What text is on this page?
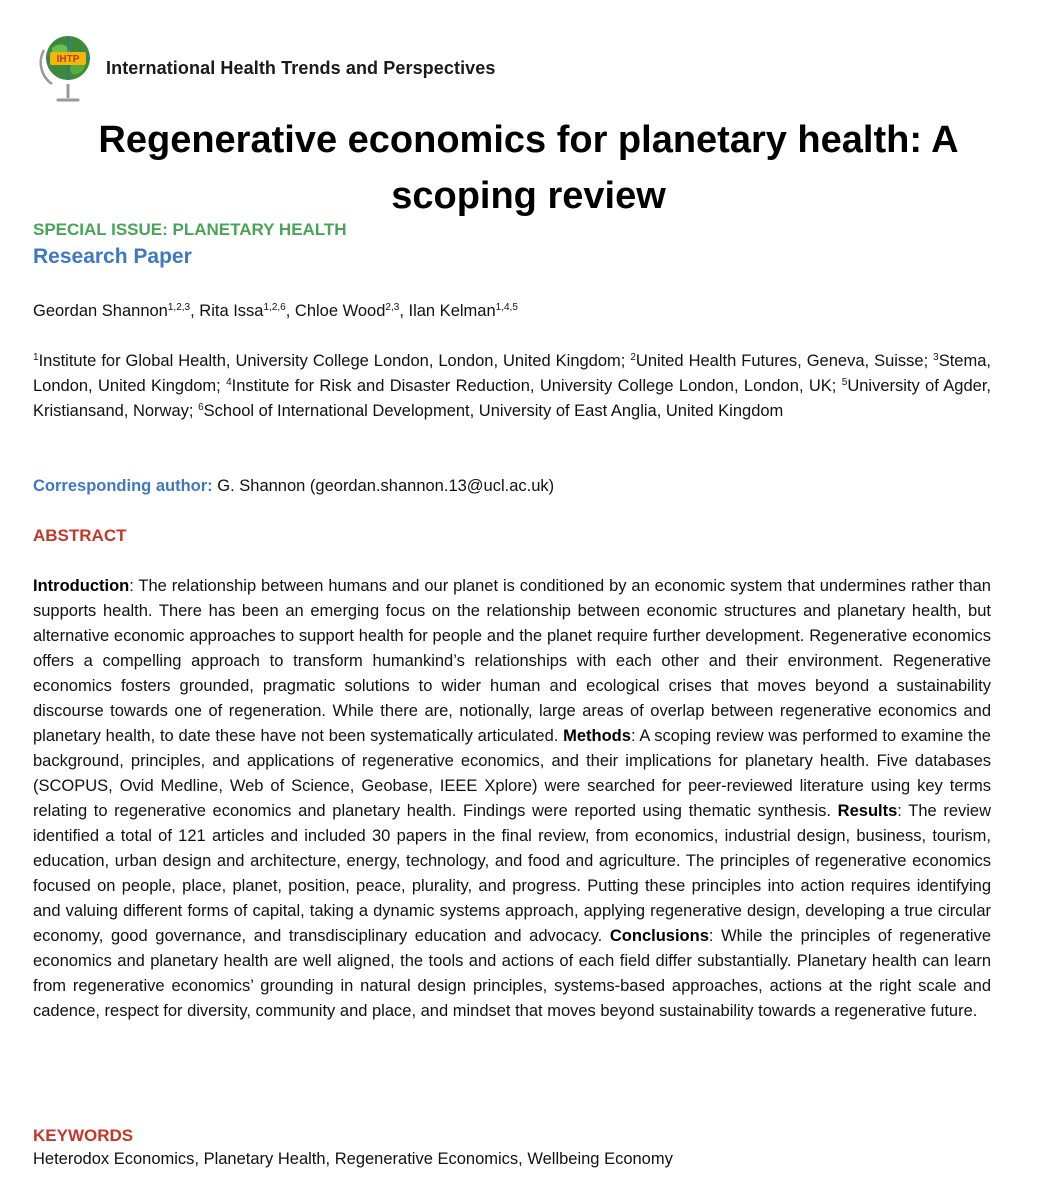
IHTP International Health Trends and Perspectives
Regenerative economics for planetary health: A scoping review
SPECIAL ISSUE: PLANETARY HEALTH
Research Paper
Geordan Shannon$^{1,2,3}$, Rita Issa$^{1,2,6}$, Chloe Wood$^{2,3}$, Ilan Kelman$^{1,4,5}$
$^1$Institute for Global Health, University College London, London, United Kingdom; $^2$United Health Futures, Geneva, Suisse; $^3$Stema, London, United Kingdom; $^4$Institute for Risk and Disaster Reduction, University College London, London, UK; $^5$University of Agder, Kristiansand, Norway; $^6$School of International Development, University of East Anglia, United Kingdom
Corresponding author: G. Shannon (geordan.shannon.13@ucl.ac.uk)
ABSTRACT

Introduction: The relationship between humans and our planet is conditioned by an economic system that undermines rather than supports health. There has been an emerging focus on the relationship between economic structures and planetary health, but alternative economic approaches to support health for people and the planet require further development. Regenerative economics offers a compelling approach to transform humankind’s relationships with each other and their environment. Regenerative economics fosters grounded, pragmatic solutions to wider human and ecological crises that moves beyond a sustainability discourse towards one of regeneration. While there are, notionally, large areas of overlap between regenerative economics and planetary health, to date these have not been systematically articulated. Methods: A scoping review was performed to examine the background, principles, and applications of regenerative economics, and their implications for planetary health. Five databases (SCOPUS, Ovid Medline, Web of Science, Geobase, IEEE Xplore) were searched for peer-reviewed literature using key terms relating to regenerative economics and planetary health. Findings were reported using thematic synthesis. Results: The review identified a total of 121 articles and included 30 papers in the final review, from economics, industrial design, business, tourism, education, urban design and architecture, energy, technology, and food and agriculture. The principles of regenerative economics focused on people, place, planet, position, peace, plurality, and progress. Putting these principles into action requires identifying and valuing different forms of capital, taking a dynamic systems approach, applying regenerative design, developing a true circular economy, good governance, and transdisciplinary education and advocacy. Conclusions: While the principles of regenerative economics and planetary health are well aligned, the tools and actions of each field differ substantially. Planetary health can learn from regenerative economics’ grounding in natural design principles, systems-based approaches, actions at the right scale and cadence, respect for diversity, community and place, and mindset that moves beyond sustainability towards a regenerative future.

KEYWORDS
Heterodox Economics, Planetary Health, Regenerative Economics, Wellbeing Economy
